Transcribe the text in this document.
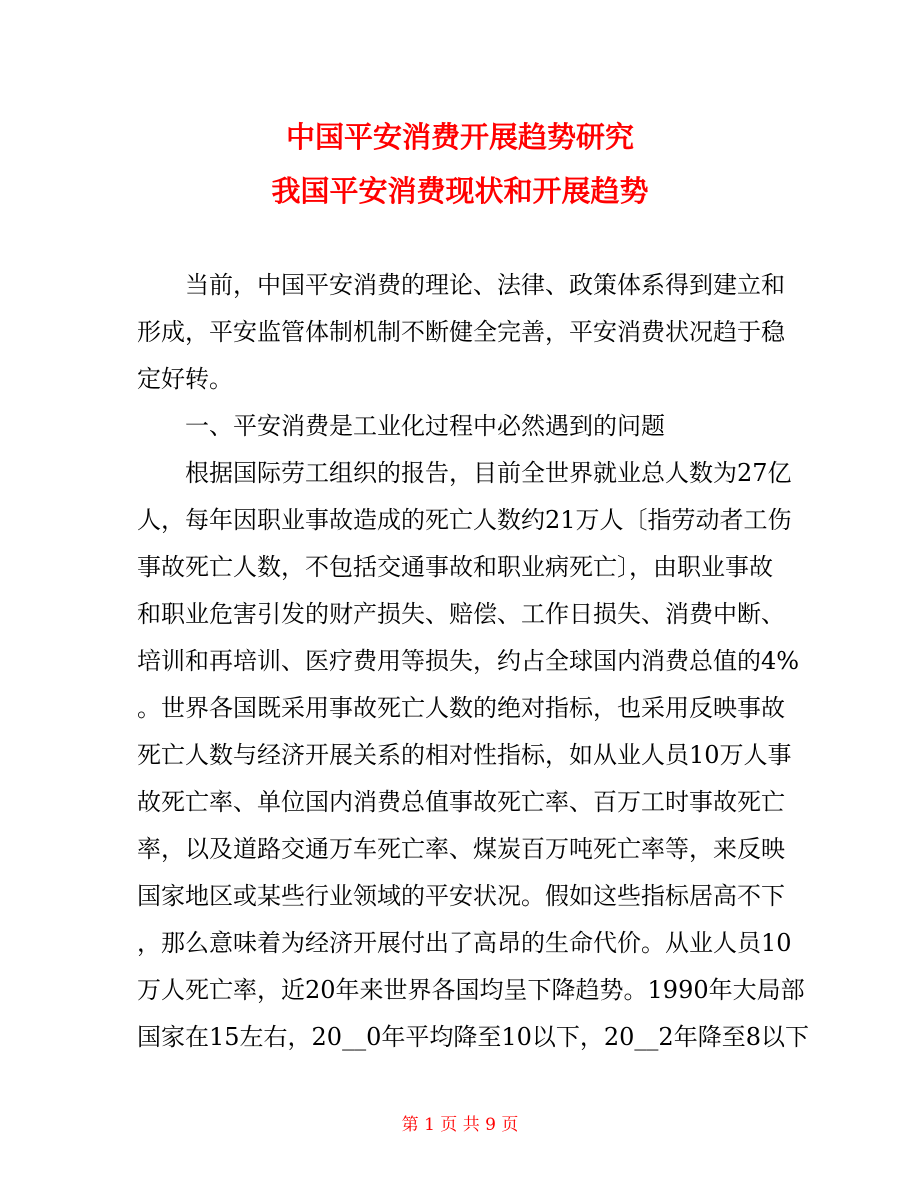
中国平安消费开展趋势研究
我国平安消费现状和开展趋势
当前，中国平安消费的理论、法律、政策体系得到建立和
形成，平安监管体制机制不断健全完善，平安消费状况趋于稳
定好转。
一、平安消费是工业化过程中必然遇到的问题
根据国际劳工组织的报告，目前全世界就业总人数为27亿
人，每年因职业事故造成的死亡人数约21万人〔指劳动者工伤
事故死亡人数，不包括交通事故和职业病死亡〕，由职业事故
和职业危害引发的财产损失、赔偿、工作日损失、消费中断、
培训和再培训、医疗费用等损失，约占全球国内消费总值的4%
。世界各国既采用事故死亡人数的绝对指标，也采用反映事故
死亡人数与经济开展关系的相对性指标，如从业人员10万人事
故死亡率、单位国内消费总值事故死亡率、百万工时事故死亡
率，以及道路交通万车死亡率、煤炭百万吨死亡率等，来反映
国家地区或某些行业领域的平安状况。假如这些指标居高不下
，那么意味着为经济开展付出了高昂的生命代价。从业人员10
万人死亡率，近20年来世界各国均呈下降趋势。1990年大局部
国家在15左右，20__0年平均降至10以下，20__2年降至8以下
第 1 页 共 9 页
